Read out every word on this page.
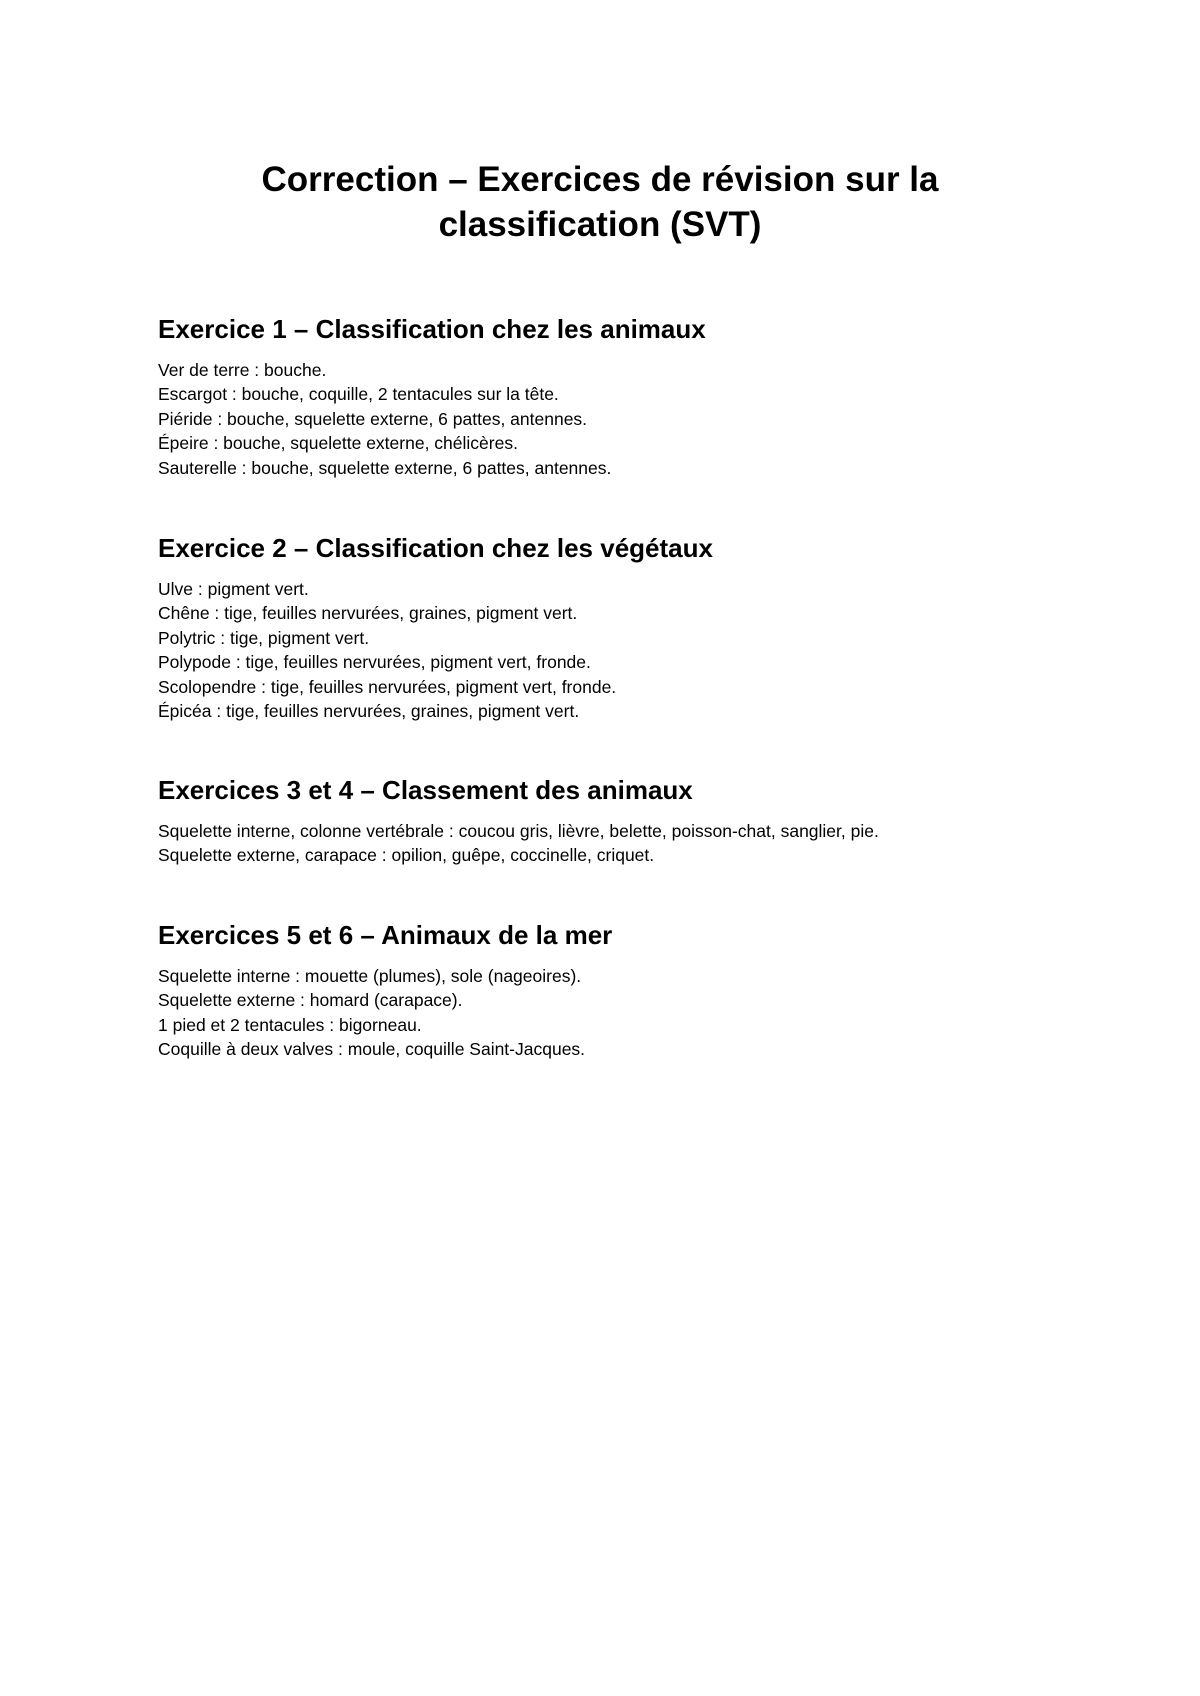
Correction – Exercices de révision sur la
classification (SVT)
Exercice 1 – Classification chez les animaux
Ver de terre : bouche.
Escargot : bouche, coquille, 2 tentacules sur la tête.
Piéride : bouche, squelette externe, 6 pattes, antennes.
Épeire : bouche, squelette externe, chélicères.
Sauterelle : bouche, squelette externe, 6 pattes, antennes.
Exercice 2 – Classification chez les végétaux
Ulve : pigment vert.
Chêne : tige, feuilles nervurées, graines, pigment vert.
Polytric : tige, pigment vert.
Polypode : tige, feuilles nervurées, pigment vert, fronde.
Scolopendre : tige, feuilles nervurées, pigment vert, fronde.
Épicéa : tige, feuilles nervurées, graines, pigment vert.
Exercices 3 et 4 – Classement des animaux
Squelette interne, colonne vertébrale : coucou gris, lièvre, belette, poisson-chat, sanglier, pie.
Squelette externe, carapace : opilion, guêpe, coccinelle, criquet.
Exercices 5 et 6 – Animaux de la mer
Squelette interne : mouette (plumes), sole (nageoires).
Squelette externe : homard (carapace).
1 pied et 2 tentacules : bigorneau.
Coquille à deux valves : moule, coquille Saint-Jacques.
